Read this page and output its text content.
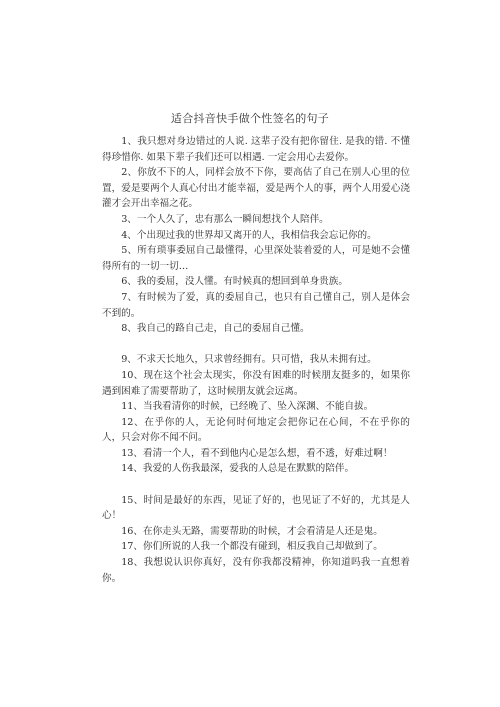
适合抖音快手做个性签名的句子

1、我只想对身边错过的人说. 这辈子没有把你留住. 是我的错. 不懂得珍惜你. 如果下辈子我们还可以相遇. 一定会用心去爱你。

2、你放不下的人，同样会放不下你，要高估了自己在别人心里的位置，爱是要两个人真心付出才能幸福，爱是两个人的事，两个人用爱心浇灌才会开出幸福之花。

3、一个人久了，忠有那么一瞬间想找个人陪伴。

4、个出现过我的世界却又离开的人，我相信我会忘记你的。

5、所有琐事委屈自己最懂得，心里深处装着爱的人，可是她不会懂得所有的一切一切…

6、我的委屈，没人懂。有时候真的想回到单身贵族。

7、有时候为了爱，真的委屈自己，也只有自己懂自己，别人是体会不到的。

8、我自己的路自己走，自己的委屈自己懂。

9、不求天长地久，只求曾经拥有。只可惜，我从未拥有过。

10、现在这个社会太现实，你没有困难的时候朋友挺多的，如果你遇到困难了需要帮助了，这时候朋友就会远离。

11、当我看清你的时候，已经晚了、坠入深渊、不能自拔。

12、在乎你的人，无论何时何地定会把你记在心间，不在乎你的人，只会对你不闻不问。

13、看清一个人，看不到他内心是怎么想，看不透，好难过啊！

14、我爱的人伤我最深，爱我的人总是在默默的陪伴。

15、时间是最好的东西，见证了好的，也见证了不好的，尤其是人心！

16、在你走头无路，需要帮助的时候，才会看清是人还是鬼。

17、你们所说的人我一个都没有碰到，相反我自己却做到了。

18、我想说认识你真好，没有你我都没精神，你知道吗我一直想着你。
